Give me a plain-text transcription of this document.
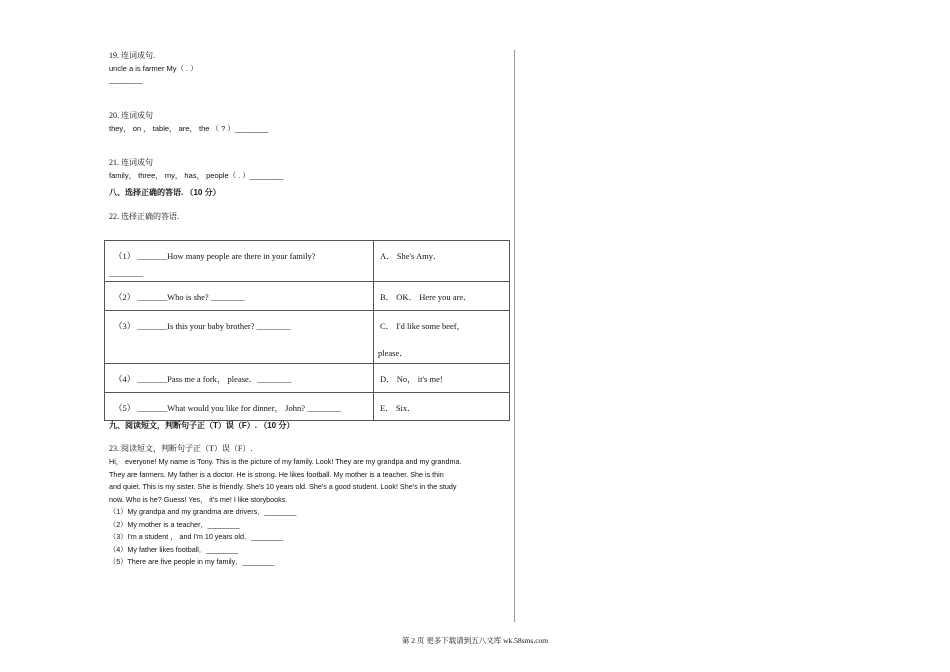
19. 连词成句.
uncle a is farmer My（ . ）
________
20. 连词成句
they， on ， table， are， the （ ? ）________
21. 连词成句
family， three， my， has， people（ . ）________
八、选择正确的答语. （10 分）
22. 选择正确的答语.
（1） _______How many people are there in your family?
________	A． She's Amy．

（2） _______Who is she? ________	B． OK． Here you are．

（3） _______Is this your baby brother? ________	C． I'd like some beef，
please．

（4） _______Pass me a fork， please．________	D． No， it's me!

（5） _______What would you like for dinner， John? ________	E． Six．
九、阅读短文，判断句子正（T）误（F）. （10 分）
23. 阅读短文，判断句子正（T）误（F）.
Hi， everyone! My name is Tony. This is the picture of my family. Look! They are my grandpa and my grandma.
They are farmers. My father is a doctor. He is strong. He likes football. My mother is a teacher. She is thin
and quiet. This is my sister. She is friendly. She's 10 years old. She's a good student. Look! She's in the study
now. Who is he? Guess! Yes， it's me! I like storybooks.
（1）My grandpa and my grandma are drivers．________
（2）My mother is a teacher．________
（3）I'm a student ， and I'm 10 years old．________
（4）My father likes football．________
（5）There are five people in my family．________
第 2 页 更多下载请到五八文库 wk.58sms.com
